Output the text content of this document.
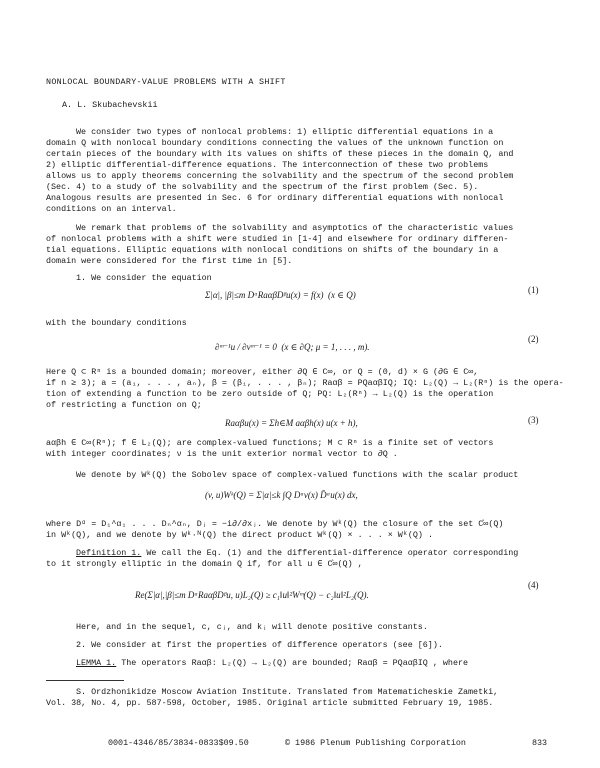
NONLOCAL BOUNDARY-VALUE PROBLEMS WITH A SHIFT
A. L. Skubachevskii
We consider two types of nonlocal problems: 1) elliptic differential equations in a
domain Q with nonlocal boundary conditions connecting the values of the unknown function on
certain pieces of the boundary with its values on shifts of these pieces in the domain Q, and
2) elliptic differential-difference equations. The interconnection of these two problems
allows us to apply theorems concerning the solvability and the spectrum of the second problem
(Sec. 4) to a study of the solvability and the spectrum of the first problem (Sec. 5).
Analogous results are presented in Sec. 6 for ordinary differential equations with nonlocal
conditions on an interval.
We remark that problems of the solvability and asymptotics of the characteristic values
of nonlocal problems with a shift were studied in [1-4] and elsewhere for ordinary differen-
tial equations. Elliptic equations with nonlocal conditions on shifts of the boundary in a
domain were considered for the first time in [5].
1. We consider the equation
Σ|α|, |β|≤m DᵅRaαβDᵝu(x) = f(x) (x ∈ Q)	(1)
with the boundary conditions
∂ᵐ⁻¹u / ∂νᵐ⁻¹ = 0 (x ∈ ∂Q; μ = 1, . . . , m).
(2)
Here Q ⊂ Rⁿ is a bounded domain; moreover, either ∂Q ∈ C∞, or Q = (0, d) × G (∂G ∈ C∞,
if n ≥ 3); a = (a₁, . . . , aₙ), β = (β₁, . . . , βₙ); Raαβ = PQaαβIQ; IQ: L₂(Q) → L₂(Rⁿ) is the opera-
tion of extending a function to be zero outside of Q; PQ: L₂(Rⁿ) → L₂(Q) is the operation
of restricting a function on Q;
Raαβu(x) = Σh∈M aαβh(x) u(x + h),	(3)
aαβh ∈ C∞(Rⁿ); f ∈ L₂(Q); are complex-valued functions; M ⊂ Rⁿ is a finite set of vectors
with integer coordinates; ν is the unit exterior normal vector to ∂Q .
We denote by Wᵏ(Q) the Sobolev space of complex-valued functions with the scalar product
(v, u)Wᵏ(Q) = Σ|α|≤k ∫Q Dᵅv(x) D̄ᵅu(x) dx,
where Dᵅ = D₁^α₁ . . . Dₙ^αₙ, Dⱼ = −i∂/∂xⱼ. We denote by Wᵏ(Q) the closure of the set C̊∞(Q)
in Wᵏ(Q), and we denote by Wᵏ·ᴺ(Q) the direct product Wᵏ(Q) × . . . × Wᵏ(Q) .
Definition 1. We call the Eq. (1) and the differential-difference operator corresponding
to it strongly elliptic in the domain Q if, for all u ∈ C̊∞(Q) ,
Re(Σ|α|,|β|≤m DᵅRaαβDᵝu, u)L₂(Q) ≥ c₁‖u‖²Wᵐ(Q) − c₂‖u‖²L₂(Q).
(4)
Here, and in the sequel, c, cⱼ, and kⱼ will denote positive constants.
2. We consider at first the properties of difference operators (see [6]).
LEMMA 1. The operators Raαβ: L₂(Q) → L₂(Q) are bounded; Raαβ = PQaαβIQ , where
S. Ordzhonikidze Moscow Aviation Institute. Translated from Matematicheskie Zametki,
Vol. 38, No. 4, pp. 587-598, October, 1985. Original article submitted February 19, 1985.
0001-4346/85/3834-0833$09.50	© 1986 Plenum Publishing Corporation	833
